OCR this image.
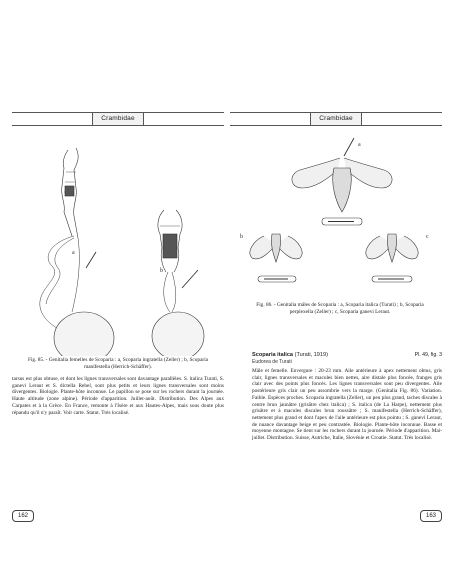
Crambidae
a
b
Fig. 85. - Genitalia femelles de Scoparia : a, Scoparia ingratella (Zeller) ; b, Scoparia manifestella (Herrich-Schäffer).
tarsus est plus obtuse, et dont les lignes transversales sont davantage parallèles. S. italica Turati, S. ganevi Leraut et S. dictella Rebel, sont plus petits et leurs lignes transversales sont moins divergentes. Biologie. Plante-hôte inconnue. Le papillon se pose sur les rochers durant la journée. Haute altitude (zone alpine). Période d'apparition. Juillet-août. Distribution. Des Alpes aux Carpates et à la Grèce. En France, remonte à l'Isère et aux Hautes-Alpes, mais sous doute plus répandu qu'il n'y paraît. Voir carte. Statut. Très localisé.
162
Crambidae
a
b	c
Fig. 86. - Genitalia mâles de Scoparia : a, Scoparia italica (Turati) ; b, Scoparia perplexella (Zeller) ; c, Scoparia ganevi Leraut.
Scoparia italica (Turati, 1919)	Pl. 49, fig. 3
Eudorea de Turati
Mâle et femelle. Envergure : 20-23 mm. Aile antérieure à apex nettement obtus, gris clair, lignes transversales et macules bien nettes, aire distale plus foncée, franges gris clair avec des points plus foncés. Les lignes transversales sont peu divergentes. Aile postérieure gris clair un peu assombrie vers la marge. (Genitalia Fig. 86). Variation. Faible. Espèces proches. Scoparia ingratella (Zeller), un peu plus grand, taches discales à centre brun jaunâtre (grisâtre chez italica) ; S. italica (de La Harpe), nettement plus grisâtre et à macules discales brun roussâtre ; S. manifestella (Herrich-Schäffer), nettement plus grand et dont l'apex de l'aile antérieure est plus pointu ; S. ganevi Leraut, de nuance davantage beige et peu contrastée. Biologie. Plante-hôte inconnue. Basse et moyenne montagne. Se tient sur les rochers durant la journée. Période d'apparition. Mai-juillet. Distribution. Suisse, Autriche, Italie, Slovénie et Croatie. Statut. Très localisé.
163
